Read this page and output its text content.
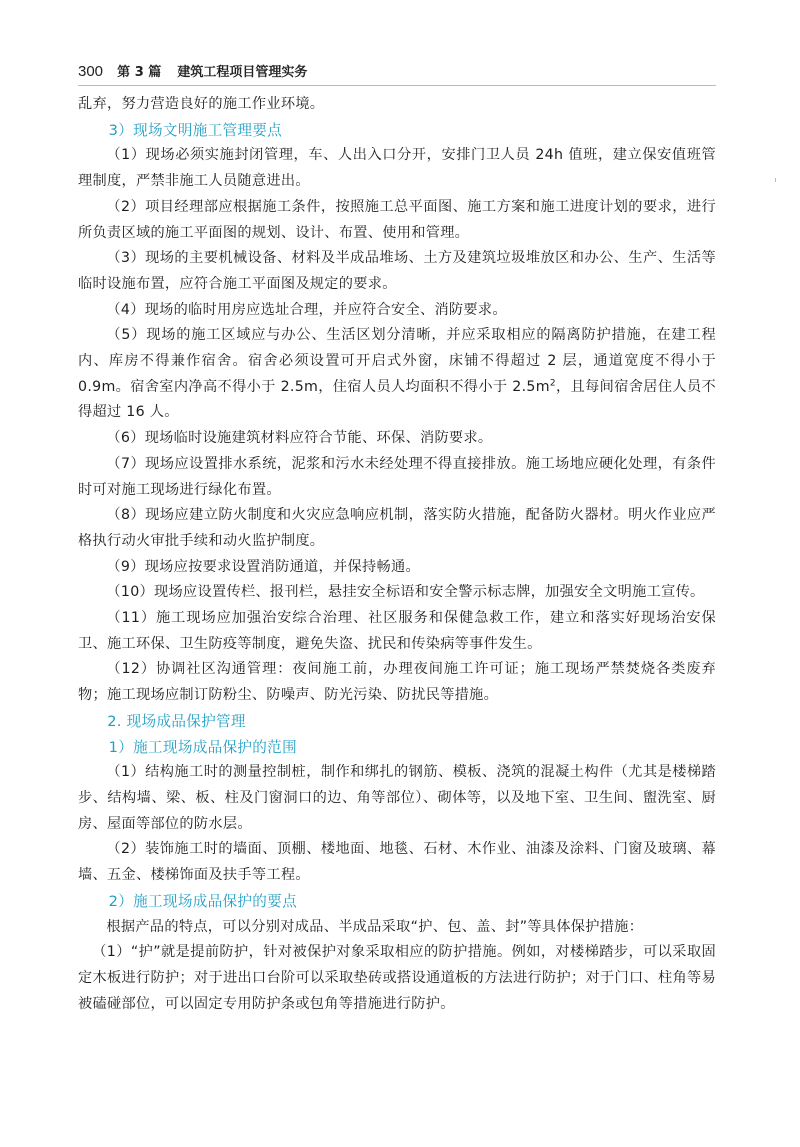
300 第 3 篇 建筑工程项目管理实务

乱弃，努力营造良好的施工作业环境。

3）现场文明施工管理要点

（1）现场必须实施封闭管理，车、人出入口分开，安排门卫人员 24h 值班，建立保安值班管理制度，严禁非施工人员随意进出。

（2）项目经理部应根据施工条件，按照施工总平面图、施工方案和施工进度计划的要求，进行所负责区域的施工平面图的规划、设计、布置、使用和管理。

（3）现场的主要机械设备、材料及半成品堆场、土方及建筑垃圾堆放区和办公、生产、生活等临时设施布置，应符合施工平面图及规定的要求。

（4）现场的临时用房应选址合理，并应符合安全、消防要求。

（5）现场的施工区域应与办公、生活区划分清晰，并应采取相应的隔离防护措施，在建工程内、库房不得兼作宿舍。宿舍必须设置可开启式外窗，床铺不得超过 2 层，通道宽度不得小于 0.9m。宿舍室内净高不得小于 2.5m，住宿人员人均面积不得小于 $2.5m^2$，且每间宿舍居住人员不得超过 16 人。

（6）现场临时设施建筑材料应符合节能、环保、消防要求。

（7）现场应设置排水系统，泥浆和污水未经处理不得直接排放。施工场地应硬化处理，有条件时可对施工现场进行绿化布置。

（8）现场应建立防火制度和火灾应急响应机制，落实防火措施，配备防火器材。明火作业应严格执行动火审批手续和动火监护制度。

（9）现场应按要求设置消防通道，并保持畅通。

（10）现场应设置传栏、报刊栏，悬挂安全标语和安全警示标志牌，加强安全文明施工宣传。

（11）施工现场应加强治安综合治理、社区服务和保健急救工作，建立和落实好现场治安保卫、施工环保、卫生防疫等制度，避免失盗、扰民和传染病等事件发生。

（12）协调社区沟通管理：夜间施工前，办理夜间施工许可证；施工现场严禁焚烧各类废弃物；施工现场应制订防粉尘、防噪声、防光污染、防扰民等措施。

2. 现场成品保护管理

1）施工现场成品保护的范围

（1）结构施工时的测量控制桩，制作和绑扎的钢筋、模板、浇筑的混凝土构件（尤其是楼梯踏步、结构墙、梁、板、柱及门窗洞口的边、角等部位）、砌体等，以及地下室、卫生间、盥洗室、厨房、屋面等部位的防水层。

（2）装饰施工时的墙面、顶棚、楼地面、地毯、石材、木作业、油漆及涂料、门窗及玻璃、幕墙、五金、楼梯饰面及扶手等工程。

2）施工现场成品保护的要点

根据产品的特点，可以分别对成品、半成品采取“护、包、盖、封”等具体保护措施：

（1）“护”就是提前防护，针对被保护对象采取相应的防护措施。例如，对楼梯踏步，可以采取固定木板进行防护；对于进出口台阶可以采取垫砖或搭设通道板的方法进行防护；对于门口、柱角等易被磕碰部位，可以固定专用防护条或包角等措施进行防护。
